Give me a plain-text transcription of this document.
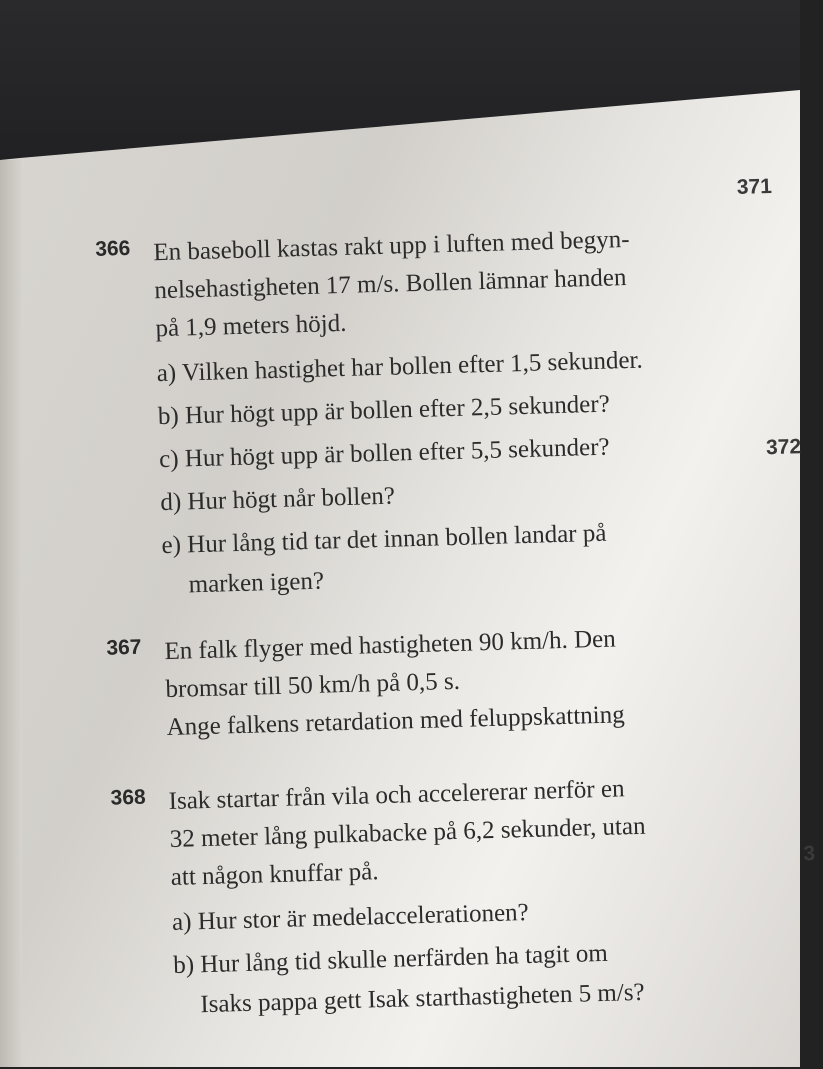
371
372
3
366 En baseboll kastas rakt upp i luften med begyn-
nelsehastigheten 17 m/s. Bollen lämnar handen
på 1,9 meters höjd.
a) Vilken hastighet har bollen efter 1,5 sekunder.
b) Hur högt upp är bollen efter 2,5 sekunder?
c) Hur högt upp är bollen efter 5,5 sekunder?
d) Hur högt når bollen?
e) Hur lång tid tar det innan bollen landar på
marken igen?
367 En falk flyger med hastigheten 90 km/h. Den
bromsar till 50 km/h på 0,5 s.
Ange falkens retardation med feluppskattning
368 Isak startar från vila och accelererar nerför en
32 meter lång pulkabacke på 6,2 sekunder, utan
att någon knuffar på.
a) Hur stor är medelaccelerationen?
b) Hur lång tid skulle nerfärden ha tagit om
Isaks pappa gett Isak starthastigheten 5 m/s?
